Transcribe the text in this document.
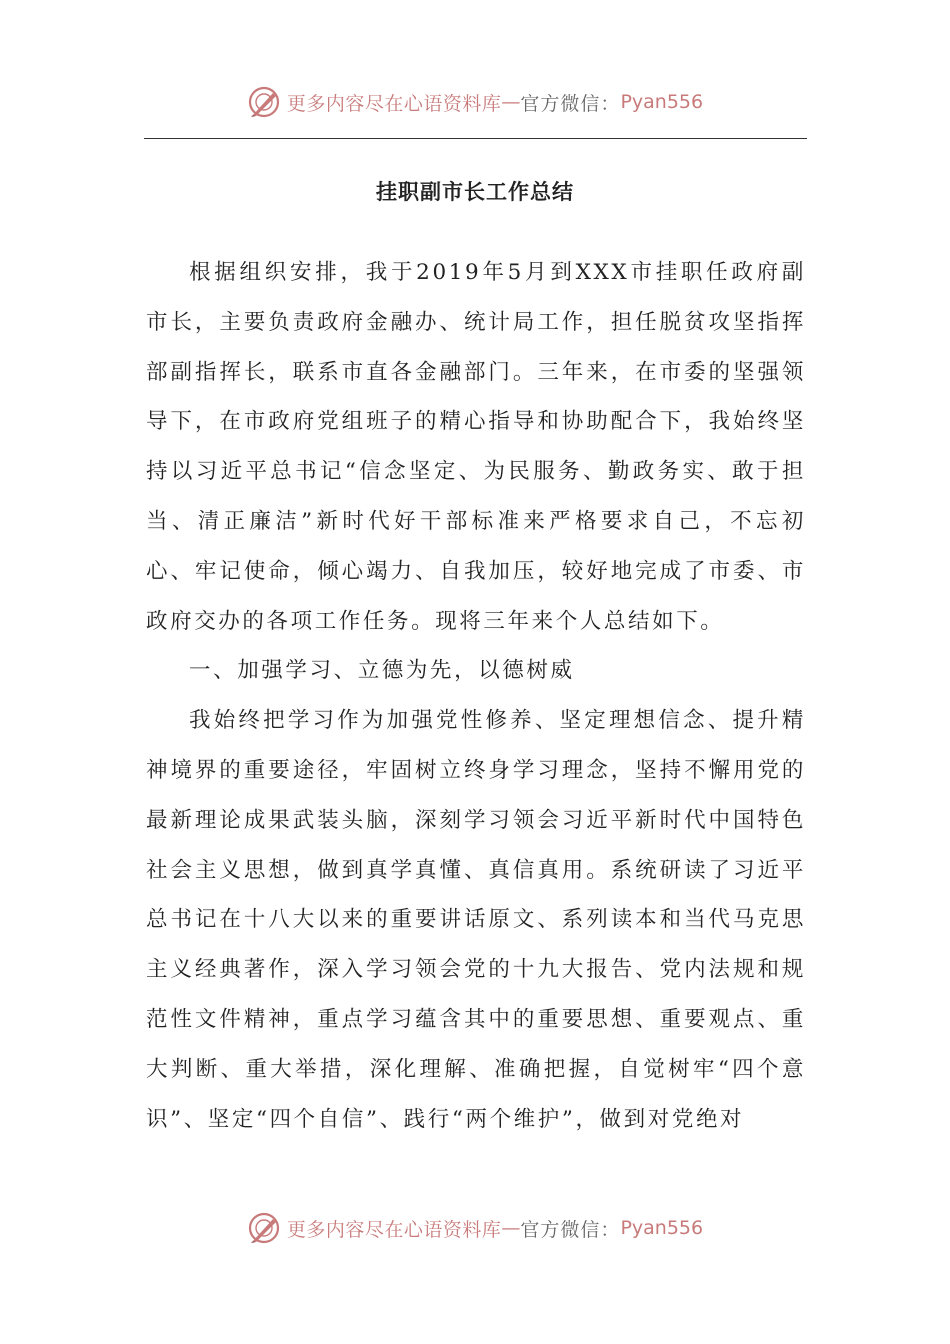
更多内容尽在心语资料库 — 官方微信： Pyan556
挂职副市长工作总结

根据组织安排，我于2019年5月到XXX市挂职任政府副市长，主要负责政府金融办、统计局工作，担任脱贫攻坚指挥部副指挥长，联系市直各金融部门。三年来，在市委的坚强领导下，在市政府党组班子的精心指导和协助配合下，我始终坚持以习近平总书记“信念坚定、为民服务、勤政务实、敢于担当、清正廉洁”新时代好干部标准来严格要求自己，不忘初心、牢记使命，倾心竭力、自我加压，较好地完成了市委、市政府交办的各项工作任务。现将三年来个人总结如下。

一、加强学习、立德为先，以德树威

我始终把学习作为加强党性修养、坚定理想信念、提升精神境界的重要途径，牢固树立终身学习理念，坚持不懈用党的最新理论成果武装头脑，深刻学习领会习近平新时代中国特色社会主义思想，做到真学真懂、真信真用。系统研读了习近平总书记在十八大以来的重要讲话原文、系列读本和当代马克思主义经典著作，深入学习领会党的十九大报告、党内法规和规范性文件精神，重点学习蕴含其中的重要思想、重要观点、重大判断、重大举措，深化理解、准确把握，自觉树牢“四个意识”、坚定“四个自信”、践行“两个维护”，做到对党绝对

更多内容尽在心语资料库 — 官方微信： Pyan556
